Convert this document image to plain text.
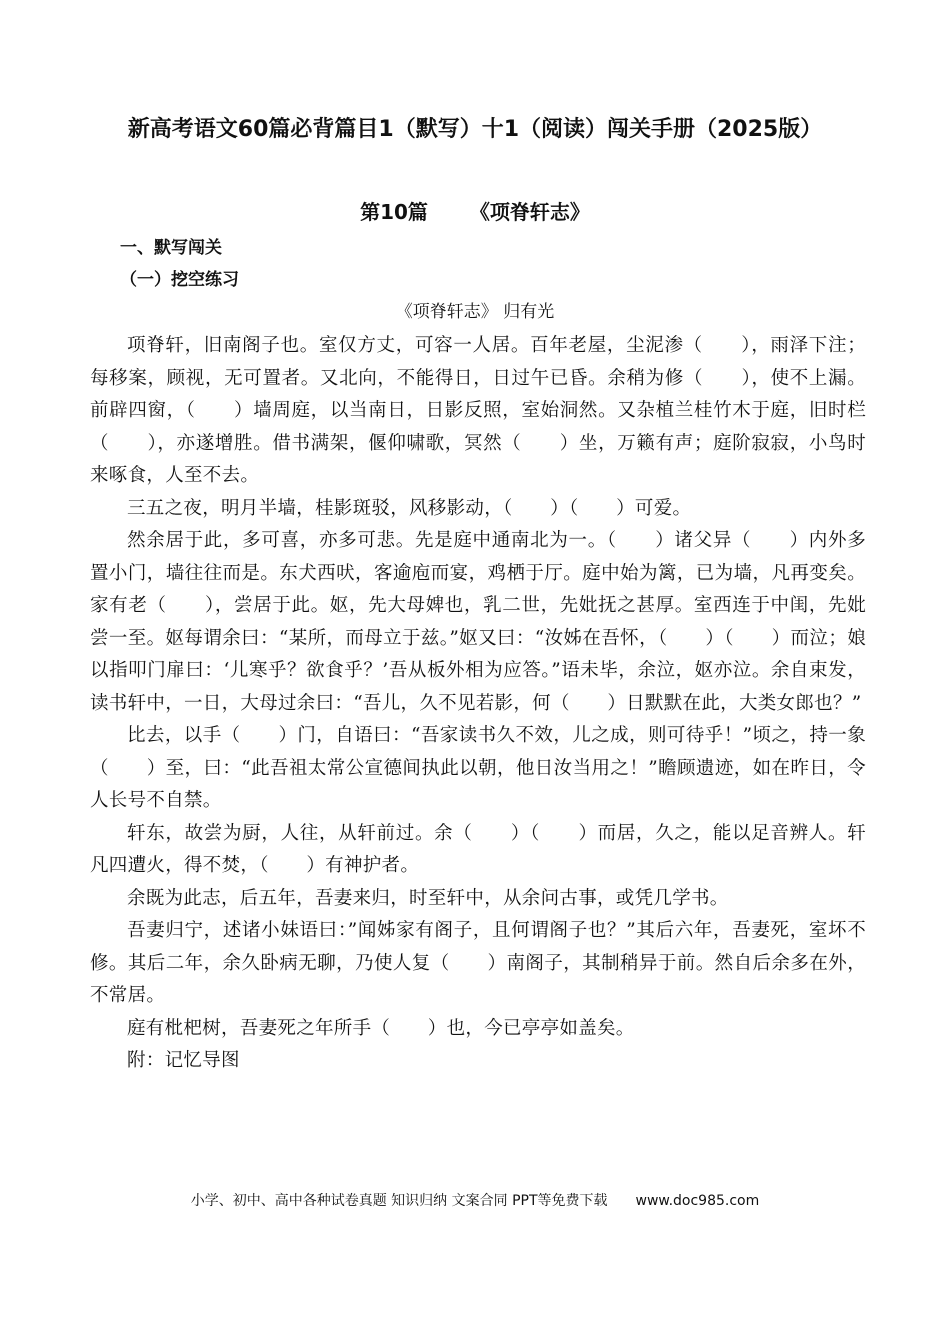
新高考语文60篇必背篇目1（默写）十1（阅读）闯关手册（2025版）
第10篇 《项脊轩志》
一、默写闯关
（一）挖空练习
《项脊轩志》 归有光

项脊轩，旧南阁子也。室仅方丈，可容一人居。百年老屋，尘泥渗（　　），雨泽下注；每移案，顾视，无可置者。又北向，不能得日，日过午已昏。余稍为修（　　），使不上漏。前辟四窗，（　　）墙周庭，以当南日，日影反照，室始洞然。又杂植兰桂竹木于庭，旧时栏（　　），亦遂增胜。借书满架，偃仰啸歌，冥然（　　）坐，万籁有声；庭阶寂寂，小鸟时来啄食，人至不去。

三五之夜，明月半墙，桂影斑驳，风移影动，（　　）（　　）可爱。

然余居于此，多可喜，亦多可悲。先是庭中通南北为一。（　　）诸父异（　　）内外多置小门，墙往往而是。东犬西吠，客逾庖而宴，鸡栖于厅。庭中始为篱，已为墙，凡再变矣。家有老（　　），尝居于此。妪，先大母婢也，乳二世，先妣抚之甚厚。室西连于中闺，先妣尝一至。妪每谓余曰：“某所，而母立于兹。”妪又曰：“汝姊在吾怀，（　　）（　　）而泣；娘以指叩门扉曰：‘儿寒乎？欲食乎？’吾从板外相为应答。”语未毕，余泣，妪亦泣。余自束发，读书轩中，一日，大母过余曰：“吾儿，久不见若影，何（　　）日默默在此，大类女郎也？”

比去，以手（　　）门，自语曰：“吾家读书久不效，儿之成，则可待乎！”顷之，持一象（　　）至，曰：“此吾祖太常公宣德间执此以朝，他日汝当用之！”瞻顾遗迹，如在昨日，令人长号不自禁。

轩东，故尝为厨，人往，从轩前过。余（　　）（　　）而居，久之，能以足音辨人。轩凡四遭火，得不焚，（　　）有神护者。

余既为此志，后五年，吾妻来归，时至轩中，从余问古事，或凭几学书。

吾妻归宁，述诸小妹语曰：”闻姊家有阁子，且何谓阁子也？”其后六年，吾妻死，室坏不修。其后二年，余久卧病无聊，乃使人复（　　）南阁子，其制稍异于前。然自后余多在外，不常居。

庭有枇杷树，吾妻死之年所手（　　）也，今已亭亭如盖矣。

附：记忆导图

小学、初中、高中各种试卷真题 知识归纳 文案合同 PPT等免费下载 www.doc985.com
